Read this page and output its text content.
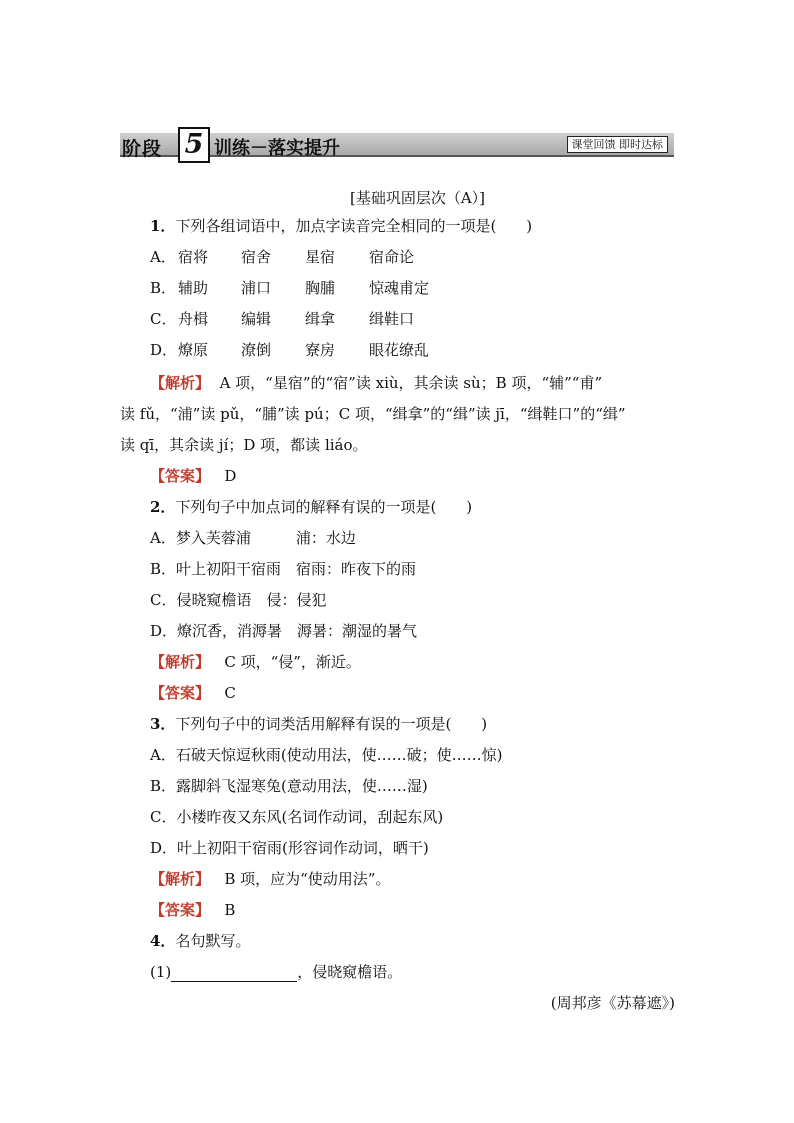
阶段 5 训练－落实提升	课堂回馈 即时达标
[基础巩固层次（A）]
1．下列各组词语中，加点字读音完全相同的一项是(　　)
A． 宿将 宿舍 星宿 宿命论
B． 辅助 浦口 胸脯 惊魂甫定
C． 舟楫 编辑 缉拿 缉鞋口
D．燎原 潦倒 寮房 眼花缭乱
【解析】 A 项，“星宿”的“宿”读 xiù，其余读 sù；B 项，“辅”“甫”
读 fǔ，“浦”读 pǔ，“脯”读 pú；C 项，“缉拿”的“缉”读 jī，“缉鞋口”的“缉”
读 qī，其余读 jí；D 项，都读 liáo。
【答案】 D
2．下列句子中加点词的解释有误的一项是(　　)
A．梦入芙蓉浦　　　浦：水边
B．叶上初阳干宿雨　宿雨：昨夜下的雨
C．侵晓窥檐语　侵：侵犯
D．燎沉香，消溽暑　溽暑：潮湿的暑气
【解析】 C 项，“侵”，渐近。
【答案】 C
3．下列句子中的词类活用解释有误的一项是(　　)
A．石破天惊逗秋雨(使动用法，使……破；使……惊)
B．露脚斜飞湿寒兔(意动用法，使……湿)
C．小楼昨夜又东风(名词作动词，刮起东风)
D．叶上初阳干宿雨(形容词作动词，晒干)
【解析】 B 项，应为“使动用法”。
【答案】 B
4．名句默写。
(1)	，侵晓窥檐语。
(周邦彦《苏幕遮》)
